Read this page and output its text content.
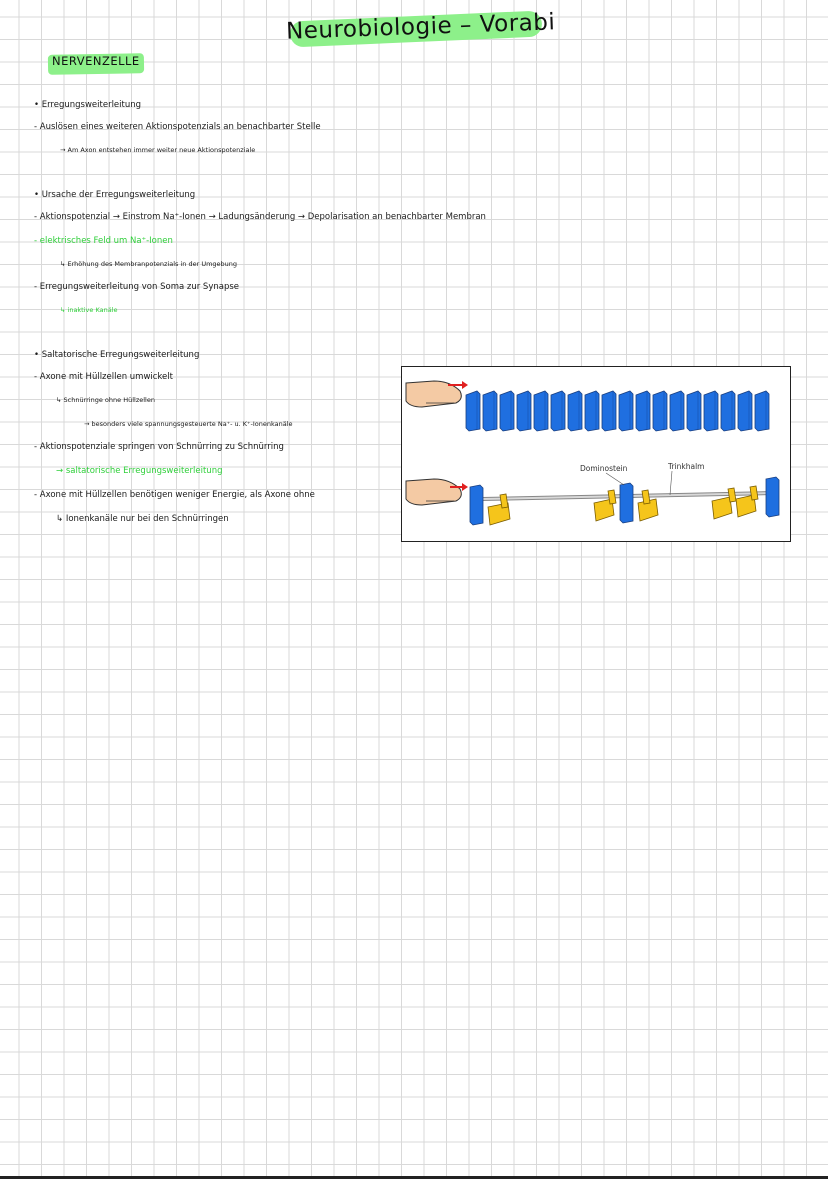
Neurobiologie – Vorabi
NERVENZELLE
• Erregungsweiterleitung
- Auslösen eines weiteren Aktionspotenzials an benachbarter Stelle
→ Am Axon entstehen immer weiter neue Aktionspotenziale
• Ursache der Erregungsweiterleitung
- Aktionspotenzial → Einstrom Na⁺-Ionen → Ladungsänderung → Depolarisation an benachbarter Membran
- elektrisches Feld um Na⁺-Ionen
↳ Erhöhung des Membranpotenzials in der Umgebung
- Erregungsweiterleitung von Soma zur Synapse
↳ inaktive Kanäle
• Saltatorische Erregungsweiterleitung
- Axone mit Hüllzellen umwickelt
↳ Schnürringe ohne Hüllzellen
→ besonders viele spannungsgesteuerte Na⁺- u. K⁺-Ionenkanäle
- Aktionspotenziale springen von Schnürring zu Schnürring
→ saltatorische Erregungsweiterleitung
- Axone mit Hüllzellen benötigen weniger Energie, als Axone ohne
↳ Ionenkanäle nur bei den Schnürringen
Dominostein	Trinkhalm
